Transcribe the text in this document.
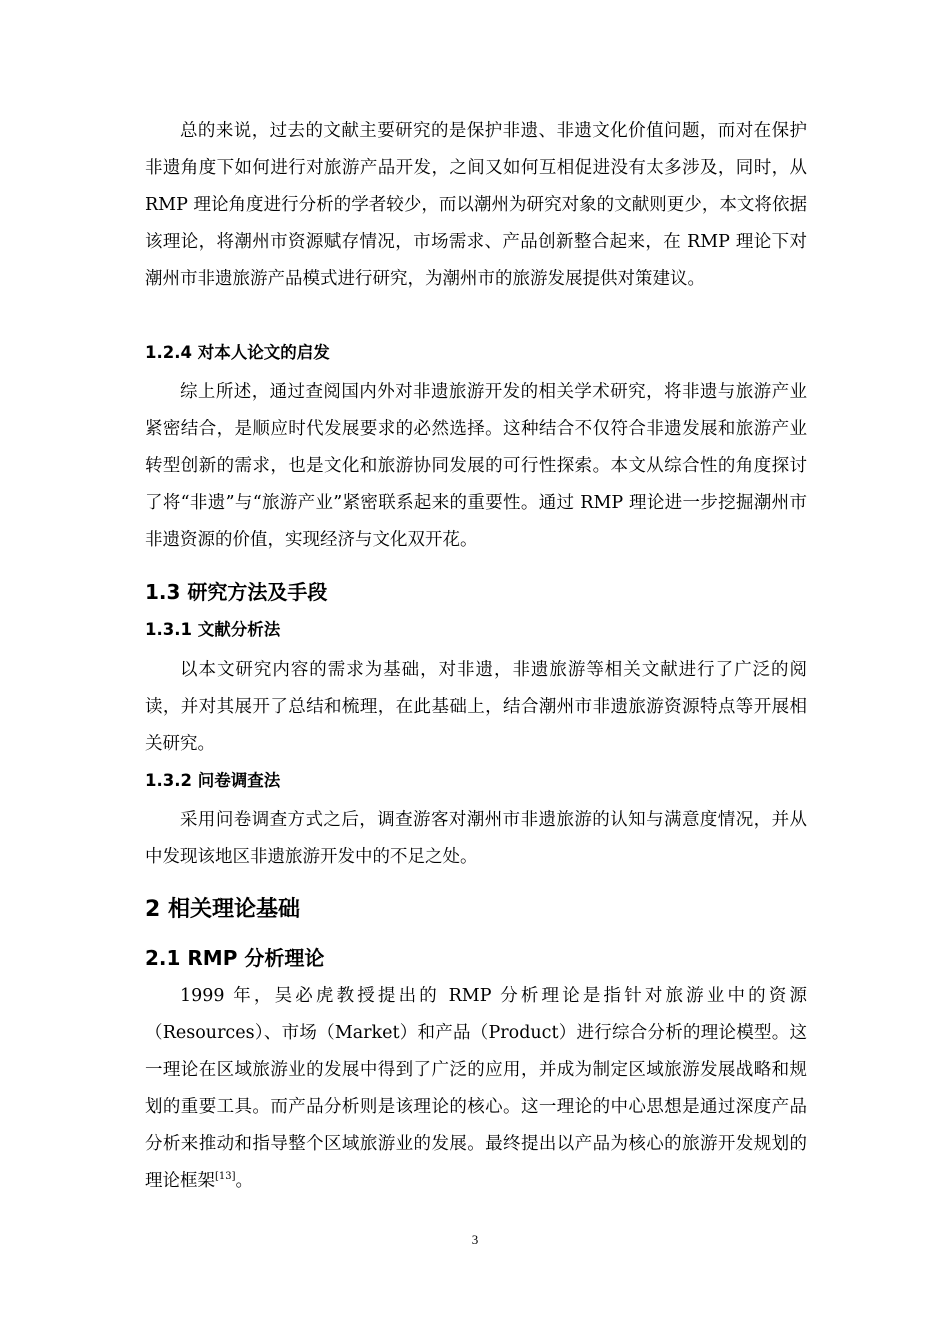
总的来说，过去的文献主要研究的是保护非遗、非遗文化价值问题，而对在保护非遗角度下如何进行对旅游产品开发，之间又如何互相促进没有太多涉及，同时，从 RMP 理论角度进行分析的学者较少，而以潮州为研究对象的文献则更少，本文将依据该理论，将潮州市资源赋存情况，市场需求、产品创新整合起来，在 RMP 理论下对潮州市非遗旅游产品模式进行研究，为潮州市的旅游发展提供对策建议。

1.2.4 对本人论文的启发

综上所述，通过查阅国内外对非遗旅游开发的相关学术研究，将非遗与旅游产业紧密结合，是顺应时代发展要求的必然选择。这种结合不仅符合非遗发展和旅游产业转型创新的需求，也是文化和旅游协同发展的可行性探索。本文从综合性的角度探讨了将“非遗”与“旅游产业”紧密联系起来的重要性。通过 RMP 理论进一步挖掘潮州市非遗资源的价值，实现经济与文化双开花。

1.3 研究方法及手段
1.3.1 文献分析法

以本文研究内容的需求为基础，对非遗，非遗旅游等相关文献进行了广泛的阅读，并对其展开了总结和梳理，在此基础上，结合潮州市非遗旅游资源特点等开展相关研究。

1.3.2 问卷调查法

采用问卷调查方式之后，调查游客对潮州市非遗旅游的认知与满意度情况，并从中发现该地区非遗旅游开发中的不足之处。

2 相关理论基础
2.1 RMP 分析理论

1999 年，吴必虎教授提出的 RMP 分析理论是指针对旅游业中的资源（Resources）、市场（Market）和产品（Product）进行综合分析的理论模型。这一理论在区域旅游业的发展中得到了广泛的应用，并成为制定区域旅游发展战略和规划的重要工具。而产品分析则是该理论的核心。这一理论的中心思想是通过深度产品分析来推动和指导整个区域旅游业的发展。最终提出以产品为核心的旅游开发规划的理论框架[13]。

3
